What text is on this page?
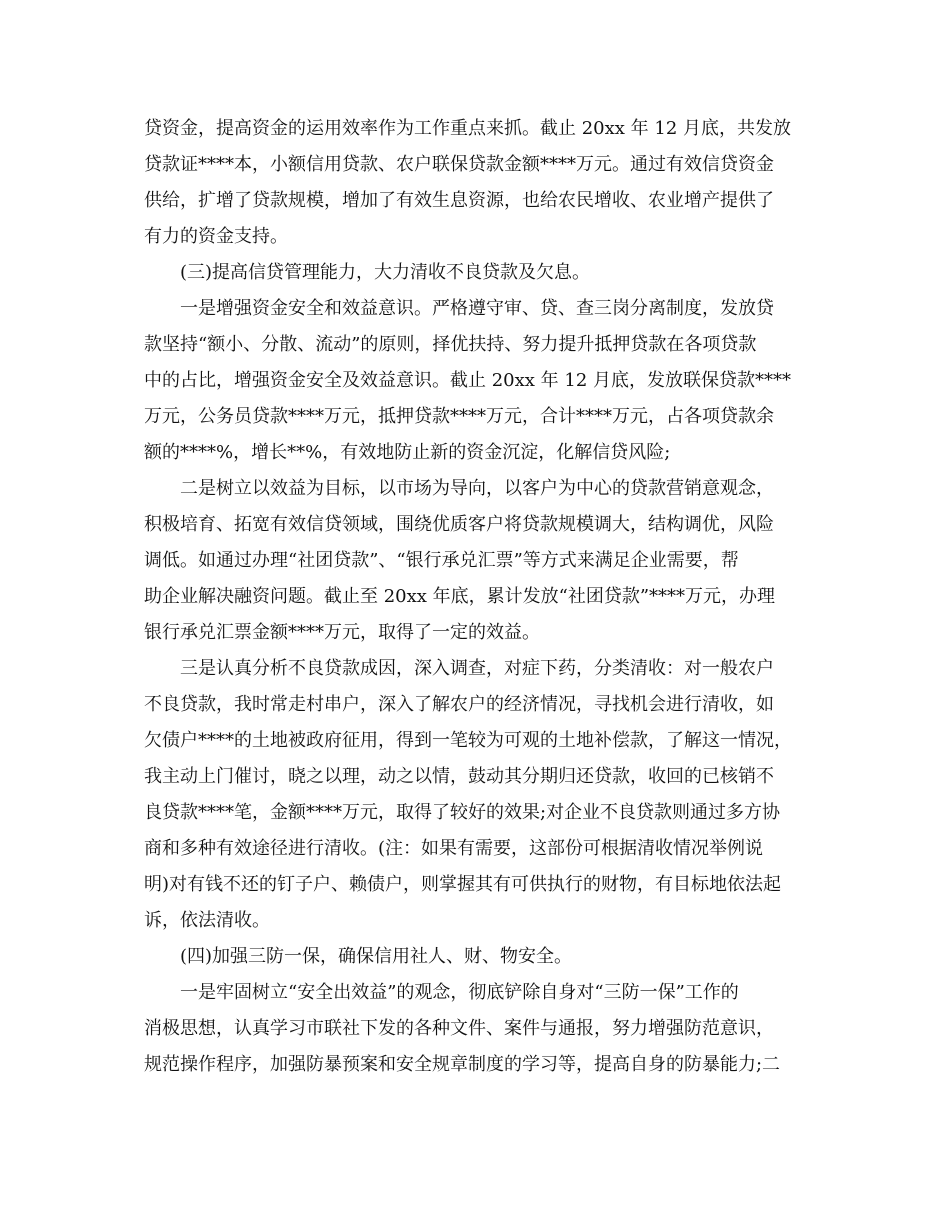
贷资金，提高资金的运用效率作为工作重点来抓。截止 20xx 年 12 月底，共发放
贷款证****本，小额信用贷款、农户联保贷款金额****万元。通过有效信贷资金
供给，扩增了贷款规模，增加了有效生息资源，也给农民增收、农业增产提供了
有力的资金支持。
(三)提高信贷管理能力，大力清收不良贷款及欠息。
一是增强资金安全和效益意识。严格遵守审、贷、查三岗分离制度，发放贷
款坚持“额小、分散、流动”的原则，择优扶持、努力提升抵押贷款在各项贷款
中的占比，增强资金安全及效益意识。截止 20xx 年 12 月底，发放联保贷款****
万元，公务员贷款****万元，抵押贷款****万元，合计****万元，占各项贷款余
额的****%，增长**%，有效地防止新的资金沉淀，化解信贷风险;
二是树立以效益为目标，以市场为导向，以客户为中心的贷款营销意观念，
积极培育、拓宽有效信贷领域，围绕优质客户将贷款规模调大，结构调优，风险
调低。如通过办理“社团贷款”、“银行承兑汇票”等方式来满足企业需要，帮
助企业解决融资问题。截止至 20xx 年底，累计发放“社团贷款”****万元，办理
银行承兑汇票金额****万元，取得了一定的效益。
三是认真分析不良贷款成因，深入调查，对症下药，分类清收：对一般农户
不良贷款，我时常走村串户，深入了解农户的经济情况，寻找机会进行清收，如
欠债户****的土地被政府征用，得到一笔较为可观的土地补偿款，了解这一情况，
我主动上门催讨，晓之以理，动之以情，鼓动其分期归还贷款，收回的已核销不
良贷款****笔，金额****万元，取得了较好的效果;对企业不良贷款则通过多方协
商和多种有效途径进行清收。(注：如果有需要，这部份可根据清收情况举例说
明)对有钱不还的钉子户、赖债户，则掌握其有可供执行的财物，有目标地依法起
诉，依法清收。
(四)加强三防一保，确保信用社人、财、物安全。
一是牢固树立“安全出效益”的观念，彻底铲除自身对“三防一保”工作的
消极思想，认真学习市联社下发的各种文件、案件与通报，努力增强防范意识，
规范操作程序，加强防暴预案和安全规章制度的学习等，提高自身的防暴能力;二
